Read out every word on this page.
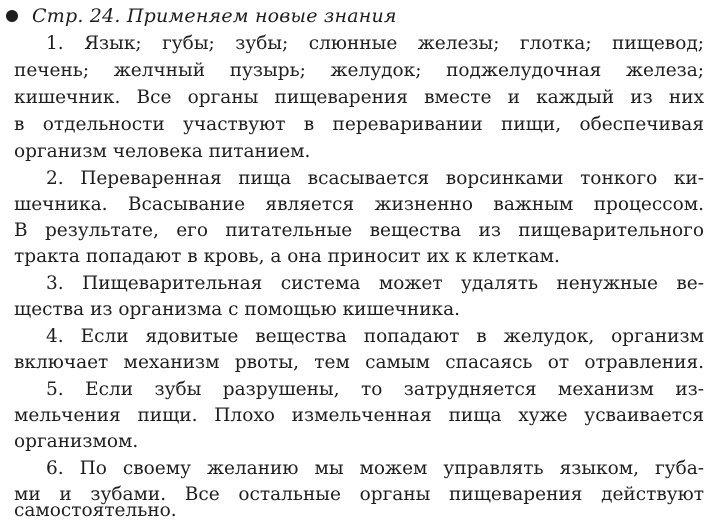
Стр. 24. Применяем новые знания
1. Язык; губы; зубы; слюнные железы; глотка; пищевод;
печень; желчный пузырь; желудок; поджелудочная железа;
кишечник. Все органы пищеварения вместе и каждый из них
в отдельности участвуют в переваривании пищи, обеспечивая
организм человека питанием.
2. Переваренная пища всасывается ворсинками тонкого ки-
шечника. Всасывание является жизненно важным процессом.
В результате, его питательные вещества из пищеварительного
тракта попадают в кровь, а она приносит их к клеткам.
3. Пищеварительная система может удалять ненужные ве-
щества из организма с помощью кишечника.
4. Если ядовитые вещества попадают в желудок, организм
включает механизм рвоты, тем самым спасаясь от отравления.
5. Если зубы разрушены, то затрудняется механизм из-
мельчения пищи. Плохо измельченная пища хуже усваивается
организмом.
6. По своему желанию мы можем управлять языком, губа-
ми и зубами. Все остальные органы пищеварения действуют
самостоятельно.
